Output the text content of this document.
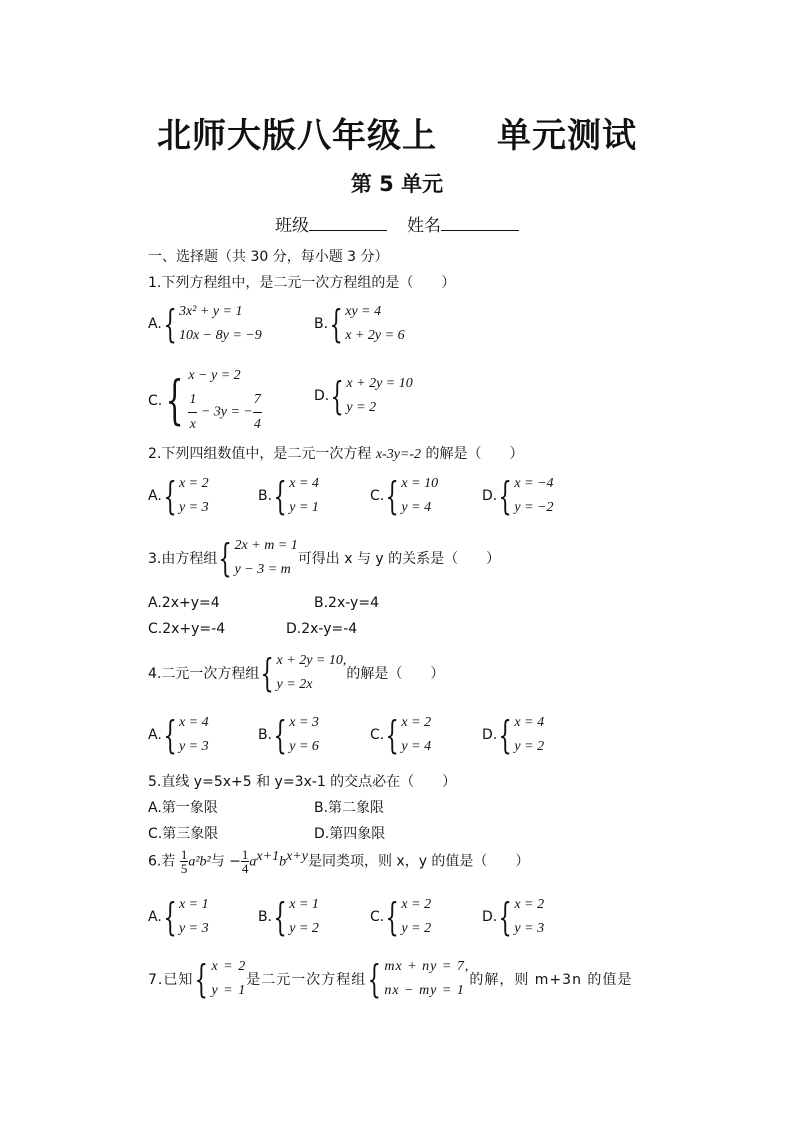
北师大版八年级上 单元测试
第 5 单元
班级	姓名
一、选择题（共 30 分，每小题 3 分）
1.下列方程组中，是二元一次方程组的是（　　）
A. { 3x² + y = 1
10x − 8y = −9
B. { xy = 4
x + 2y = 6
C. { x − y = 2
$\frac{1}{x} - 3y$ = − $\frac{7}{4}$	D. { x + 2y = 10
y = 2
2.下列四组数值中，是二元一次方程 x-3y=-2 的解是（　　）
A. { x = 2
y = 3
B. { x = 4
y = 1
C. { x = 10
y = 4
D. { x = −4
y = −2
3.由方程组 { 2x + m = 1
y − 3 = m
可得出 x 与 y 的关系是（　　）
A.2x+y=4	B.2x-y=4
C.2x+y=-4	D.2x-y=-4
4.二元一次方程组 { x + 2y = 10,
y = 2x
的解是（　　）
A. { x = 4
y = 3
B. { x = 3
y = 6
C. { x = 2
y = 4
D. { x = 4
y = 2
5.直线 y=5x+5 和 y=3x-1 的交点必在（　　）
A.第一象限	B.第二象限
C.第三象限	D.第四象限
6.若 $\frac{1}{5} a^2b^2$与 − $\frac{1}{4} a^{x+1}b^{x+y}$是同类项，则 x，y 的值是（　　）
A. { x = 1
y = 3
B. { x = 1
y = 2
C. { x = 2
y = 2
D. { x = 2
y = 3
7.已知 { x = 2
y = 1
是二元一次方程组 { mx + ny = 7,
nx − my = 1
的解，则 m+3n 的值是
